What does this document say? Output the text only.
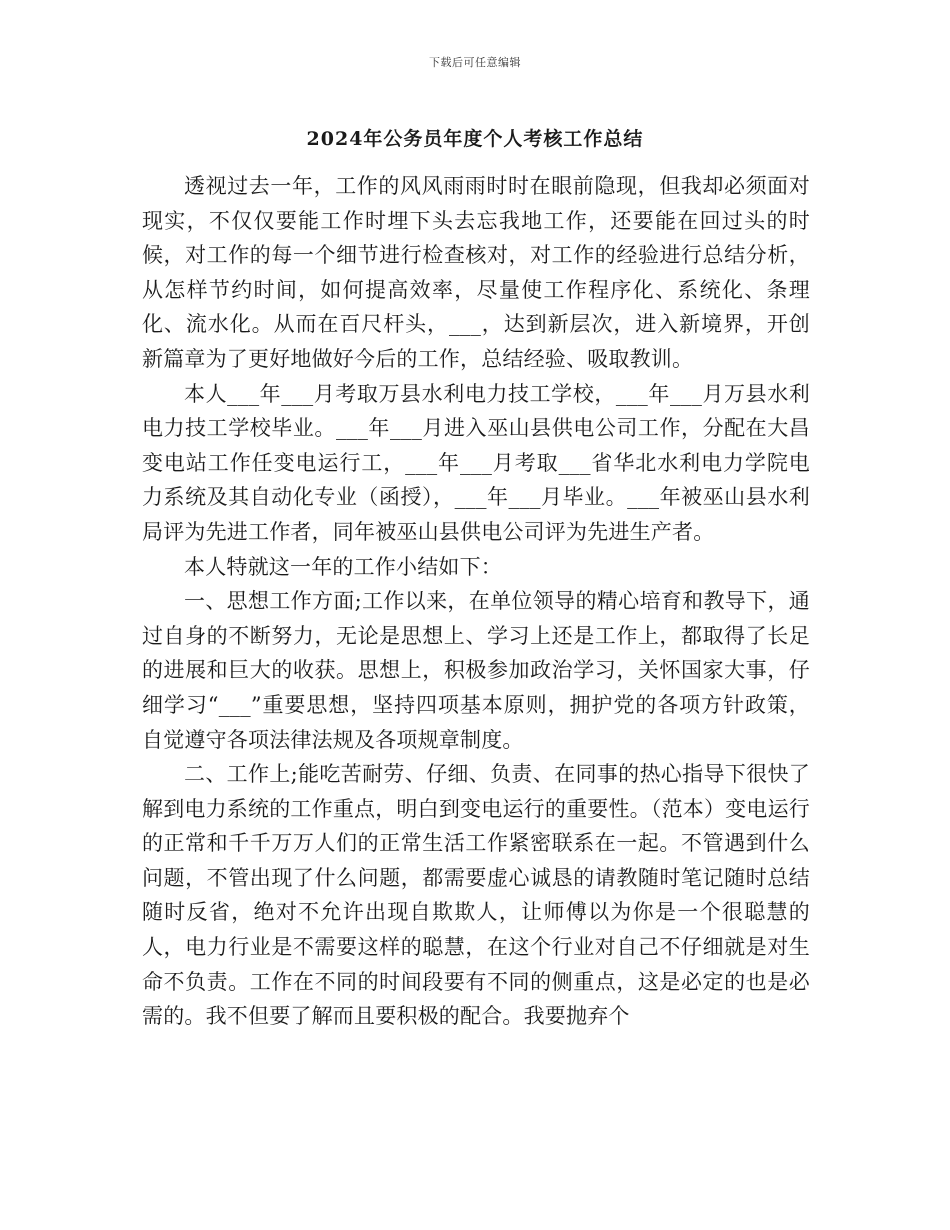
下载后可任意编辑
2024年公务员年度个人考核工作总结

透视过去一年，工作的风风雨雨时时在眼前隐现，但我却必须面对现实，不仅仅要能工作时埋下头去忘我地工作，还要能在回过头的时候，对工作的每一个细节进行检查核对，对工作的经验进行总结分析，从怎样节约时间，如何提高效率，尽量使工作程序化、系统化、条理化、流水化。从而在百尺杆头，___，达到新层次，进入新境界，开创新篇章为了更好地做好今后的工作，总结经验、吸取教训。

本人___年___月考取万县水利电力技工学校，___年___月万县水利电力技工学校毕业。___年___月进入巫山县供电公司工作，分配在大昌变电站工作任变电运行工，___年___月考取___省华北水利电力学院电力系统及其自动化专业（函授），___年___月毕业。___年被巫山县水利局评为先进工作者，同年被巫山县供电公司评为先进生产者。

本人特就这一年的工作小结如下：

一、思想工作方面;工作以来，在单位领导的精心培育和教导下，通过自身的不断努力，无论是思想上、学习上还是工作上，都取得了长足的进展和巨大的收获。思想上，积极参加政治学习，关怀国家大事，仔细学习“___”重要思想，坚持四项基本原则，拥护党的各项方针政策，自觉遵守各项法律法规及各项规章制度。

二、工作上;能吃苦耐劳、仔细、负责、在同事的热心指导下很快了解到电力系统的工作重点，明白到变电运行的重要性。（范本）变电运行的正常和千千万万人们的正常生活工作紧密联系在一起。不管遇到什么问题，不管出现了什么问题，都需要虚心诚恳的请教随时笔记随时总结随时反省，绝对不允许出现自欺欺人，让师傅以为你是一个很聪慧的人，电力行业是不需要这样的聪慧，在这个行业对自己不仔细就是对生命不负责。工作在不同的时间段要有不同的侧重点，这是必定的也是必需的。我不但要了解而且要积极的配合。我要抛弃个
